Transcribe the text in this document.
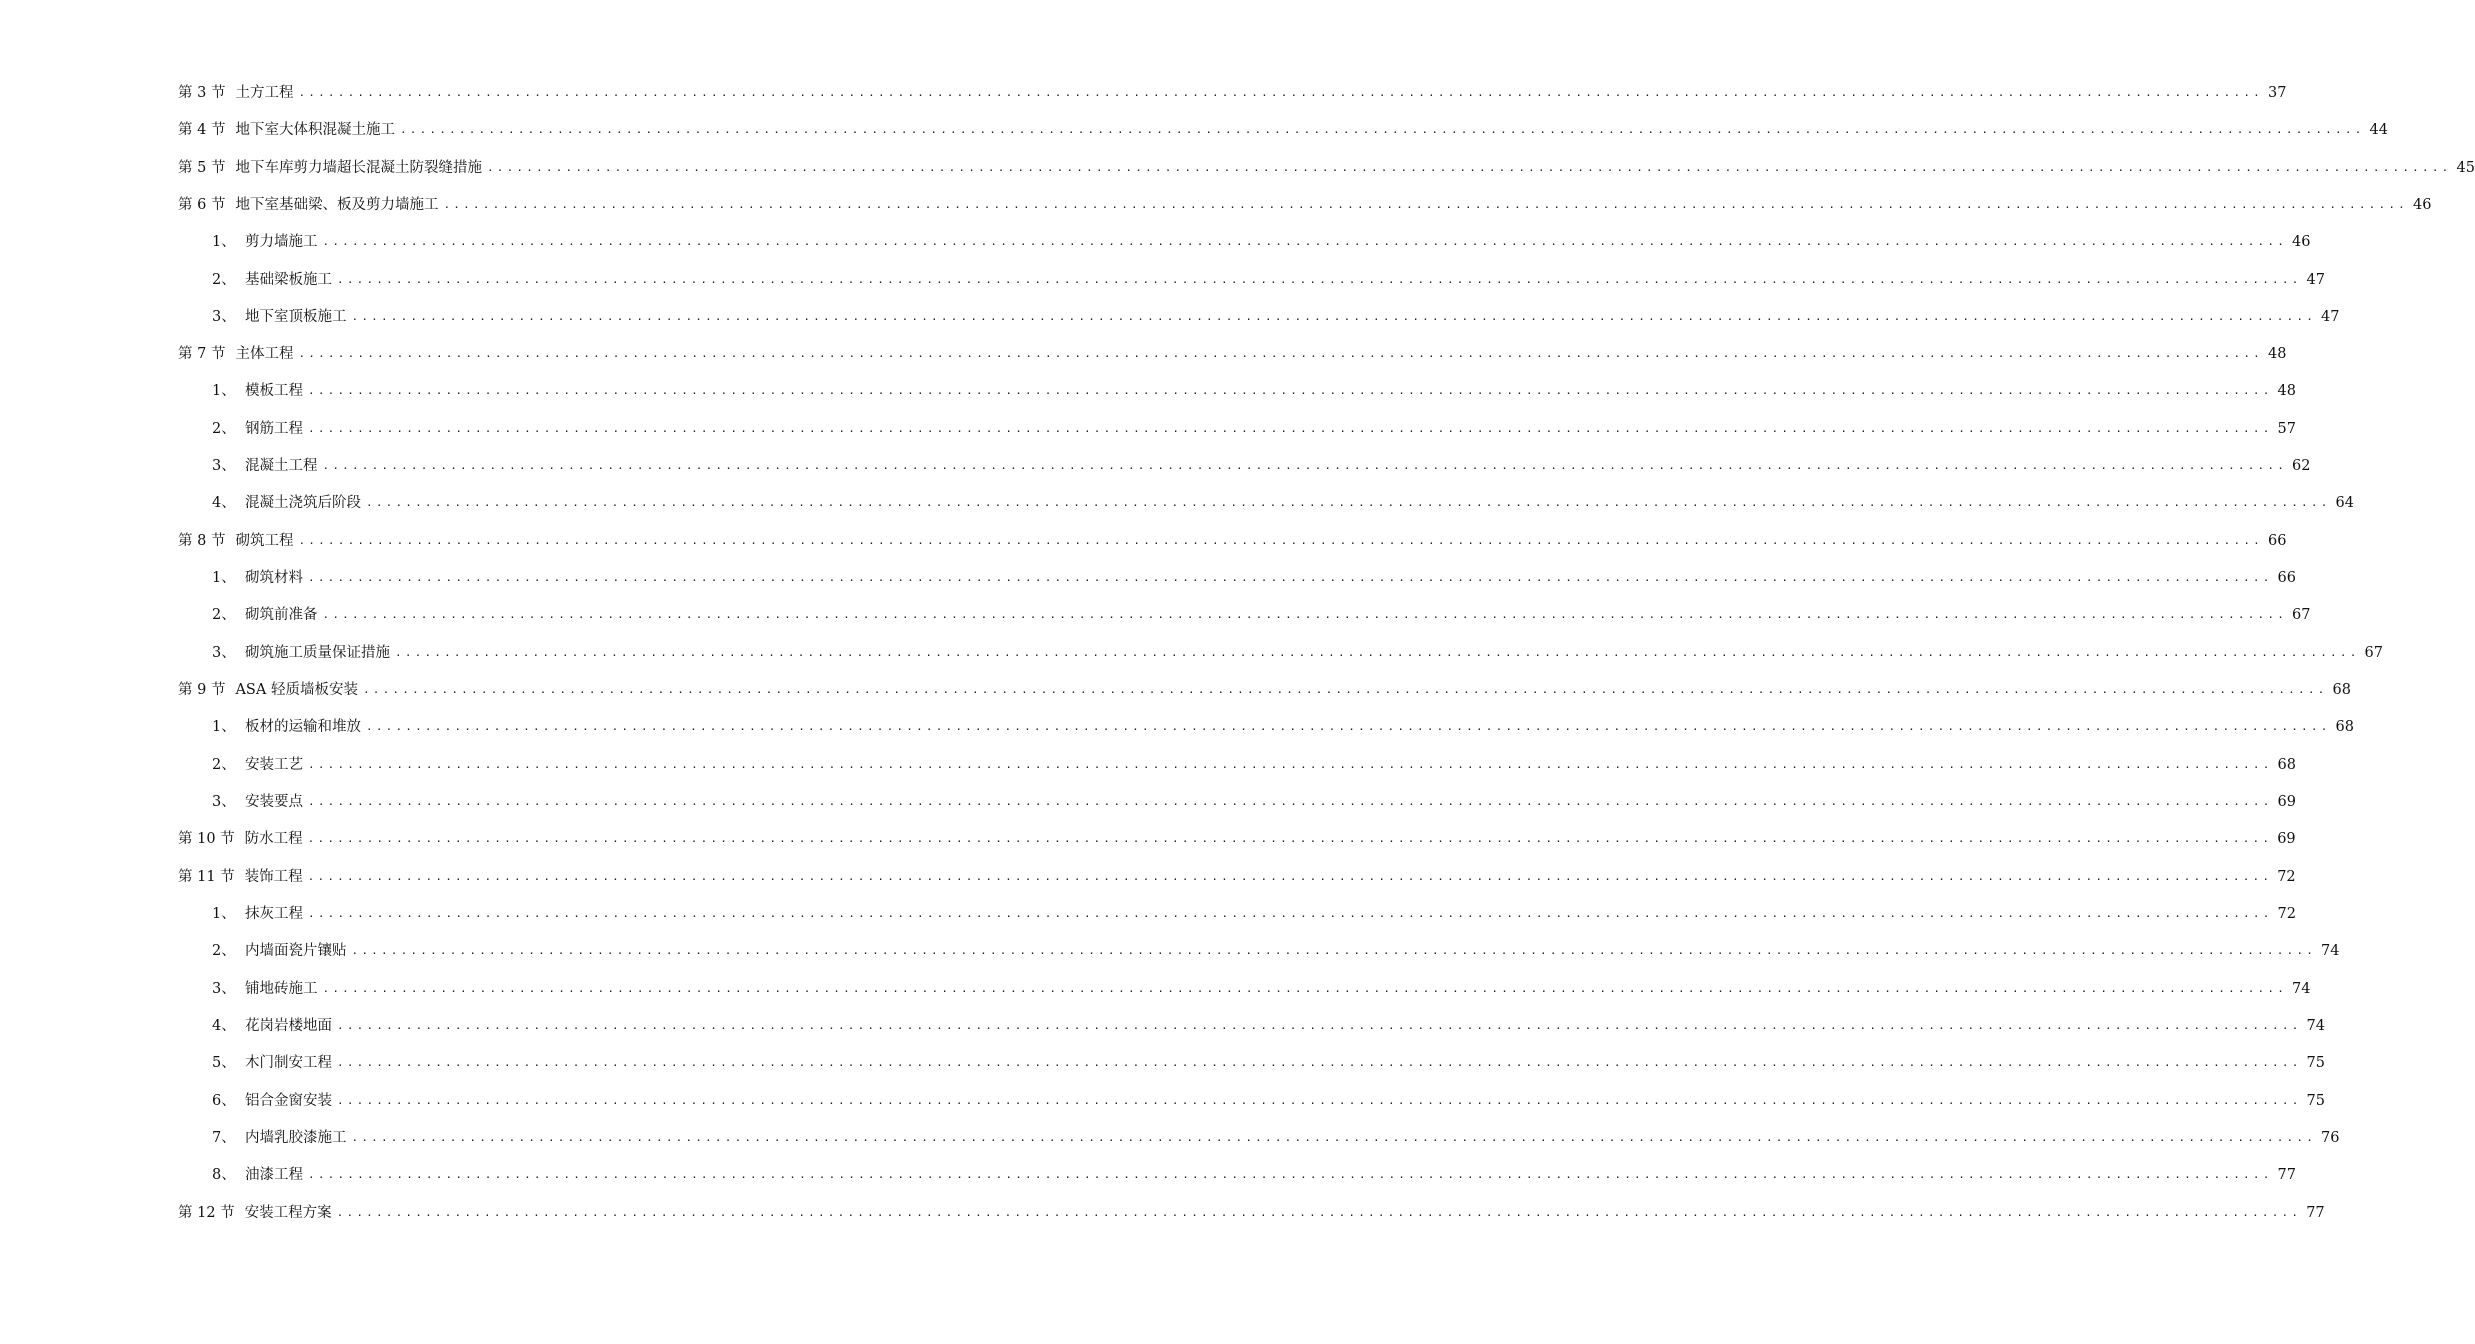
第 3 节 土方工程 ........................................................................................................................................................................................................ 37
第 4 节 地下室大体积混凝土施工 ........................................................................................................................................................................................................ 44
第 5 节 地下车库剪力墙超长混凝土防裂缝措施 ........................................................................................................................................................................................................ 45
第 6 节 地下室基础梁、板及剪力墙施工 ........................................................................................................................................................................................................ 46
1、 剪力墙施工 ........................................................................................................................................................................................................ 46
2、 基础梁板施工 ........................................................................................................................................................................................................ 47
3、 地下室顶板施工 ........................................................................................................................................................................................................ 47
第 7 节 主体工程 ........................................................................................................................................................................................................ 48
1、 模板工程 ........................................................................................................................................................................................................ 48
2、 钢筋工程 ........................................................................................................................................................................................................ 57
3、 混凝土工程 ........................................................................................................................................................................................................ 62
4、 混凝土浇筑后阶段 ........................................................................................................................................................................................................ 64
第 8 节 砌筑工程 ........................................................................................................................................................................................................ 66
1、 砌筑材料 ........................................................................................................................................................................................................ 66
2、 砌筑前准备 ........................................................................................................................................................................................................ 67
3、 砌筑施工质量保证措施 ........................................................................................................................................................................................................ 67
第 9 节 ASA 轻质墙板安装 ........................................................................................................................................................................................................ 68
1、 板材的运输和堆放 ........................................................................................................................................................................................................ 68
2、 安装工艺 ........................................................................................................................................................................................................ 68
3、 安装要点 ........................................................................................................................................................................................................ 69
第 10 节 防水工程 ........................................................................................................................................................................................................ 69
第 11 节 装饰工程 ........................................................................................................................................................................................................ 72
1、 抹灰工程 ........................................................................................................................................................................................................ 72
2、 内墙面瓷片镶贴 ........................................................................................................................................................................................................ 74
3、 铺地砖施工 ........................................................................................................................................................................................................ 74
4、 花岗岩楼地面 ........................................................................................................................................................................................................ 74
5、 木门制安工程 ........................................................................................................................................................................................................ 75
6、 铝合金窗安装 ........................................................................................................................................................................................................ 75
7、 内墙乳胶漆施工 ........................................................................................................................................................................................................ 76
8、 油漆工程 ........................................................................................................................................................................................................ 77
第 12 节 安装工程方案 ........................................................................................................................................................................................................ 77
